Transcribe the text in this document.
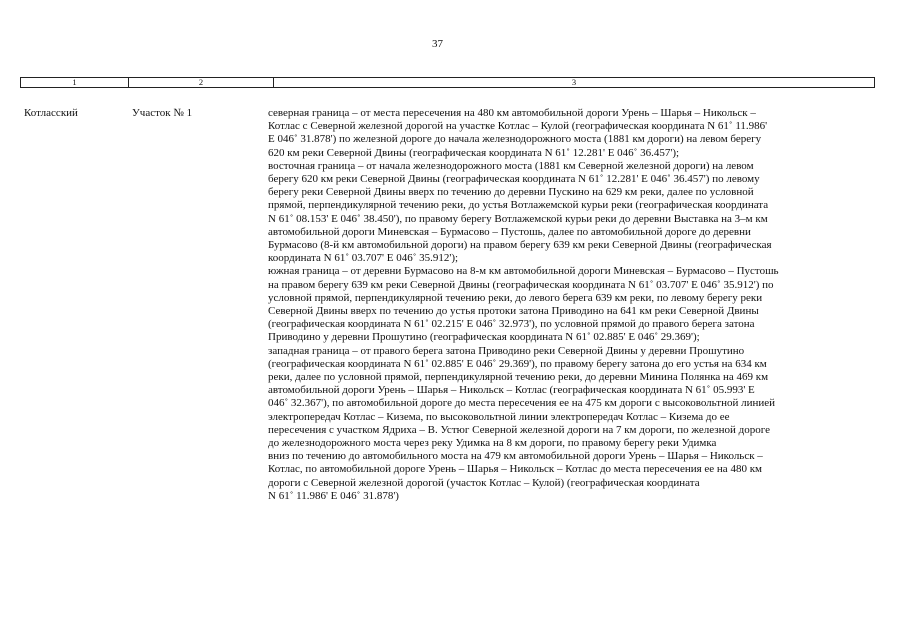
37
1	2	3
Котласский	Участок № 1	северная граница – от места пересечения на 480 км автомобильной дороги Урень – Шарья – Никольск –
Котлас с Северной железной дорогой на участке Котлас – Кулой (географическая координата N 61˚ 11.986'
E 046˚ 31.878') по железной дороге до начала железнодорожного моста (1881 км дороги) на левом берегу
620 км реки Северной Двины (географическая координата N 61˚ 12.281' E 046˚ 36.457');
восточная граница – от начала железнодорожного моста (1881 км Северной железной дороги) на левом
берегу 620 км реки Северной Двины (географическая координата N 61˚ 12.281' E 046˚ 36.457') по левому
берегу реки Северной Двины вверх по течению до деревни Пускино на 629 км реки, далее по условной
прямой, перпендикулярной течению реки, до устья Вотлажемской курьи реки (географическая координата
N 61˚ 08.153' E 046˚ 38.450'), по правому берегу Вотлажемской курьи реки до деревни Выставка на 3–м км
автомобильной дороги Миневская – Бурмасово – Пустошь, далее по автомобильной дороге до деревни
Бурмасово (8-й км автомобильной дороги) на правом берегу 639 км реки Северной Двины (географическая
координата N 61˚ 03.707' E 046˚ 35.912');
южная граница – от деревни Бурмасово на 8-м км автомобильной дороги Миневская – Бурмасово – Пустошь
на правом берегу 639 км реки Северной Двины (географическая координата N 61˚ 03.707' E 046˚ 35.912') по
условной прямой, перпендикулярной течению реки, до левого берега 639 км реки, по левому берегу реки
Северной Двины вверх по течению до устья протоки затона Приводино на 641 км реки Северной Двины
(географическая координата N 61˚ 02.215' E 046˚ 32.973'), по условной прямой до правого берега затона
Приводино у деревни Прошутино (географическая координата N 61˚ 02.885' E 046˚ 29.369');
западная граница – от правого берега затона Приводино реки Северной Двины у деревни Прошутино
(географическая координата N 61˚ 02.885' E 046˚ 29.369'), по правому берегу затона до его устья на 634 км
реки, далее по условной прямой, перпендикулярной течению реки, до деревни Минина Полянка на 469 км
автомобильной дороги Урень – Шарья – Никольск – Котлас (географическая координата N 61˚ 05.993' E
046˚ 32.367'), по автомобильной дороге до места пересечения ее на 475 км дороги с высоковольтной линией
электропередач Котлас – Кизема, по высоковольтной линии электропередач Котлас – Кизема до ее
пересечения с участком Ядриха – В. Устюг Северной железной дороги на 7 км дороги, по железной дороге
до железнодорожного моста через реку Удимка на 8 км дороги, по правому берегу реки Удимка
вниз по течению до автомобильного моста на 479 км автомобильной дороги Урень – Шарья – Никольск –
Котлас, по автомобильной дороге Урень – Шарья – Никольск – Котлас до места пересечения ее на 480 км
дороги с Северной железной дорогой (участок Котлас – Кулой) (географическая координата
N 61˚ 11.986' E 046˚ 31.878')
